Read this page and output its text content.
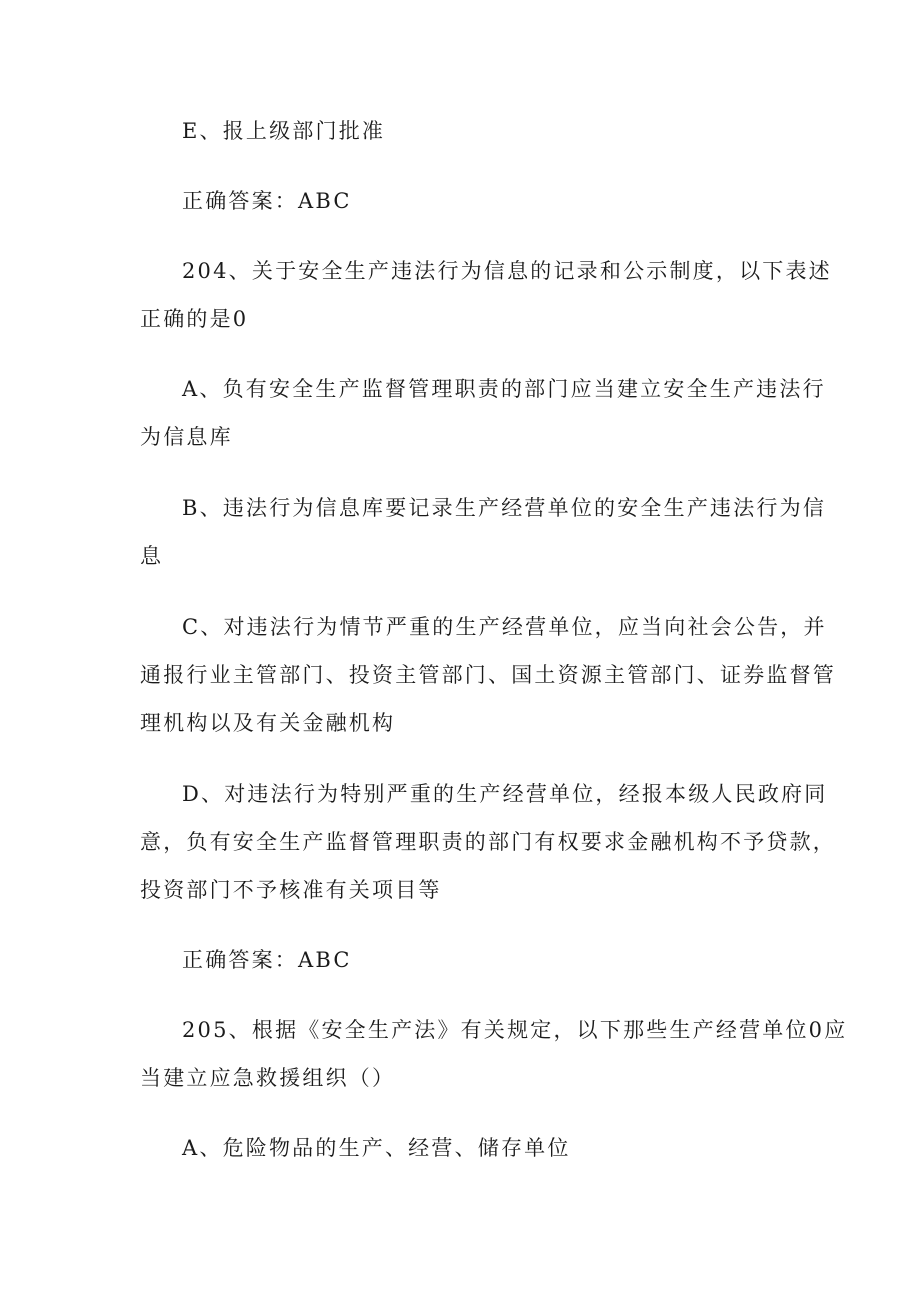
E、报上级部门批准
正确答案：ABC
204、关于安全生产违法行为信息的记录和公示制度，以下表述
正确的是0
A、负有安全生产监督管理职责的部门应当建立安全生产违法行
为信息库
B、违法行为信息库要记录生产经营单位的安全生产违法行为信
息
C、对违法行为情节严重的生产经营单位，应当向社会公告，并
通报行业主管部门、投资主管部门、国土资源主管部门、证券监督管
理机构以及有关金融机构
D、对违法行为特别严重的生产经营单位，经报本级人民政府同
意，负有安全生产监督管理职责的部门有权要求金融机构不予贷款，
投资部门不予核准有关项目等
正确答案：ABC
205、根据《安全生产法》有关规定，以下那些生产经营单位0应
当建立应急救援组织（）
A、危险物品的生产、经营、储存单位
